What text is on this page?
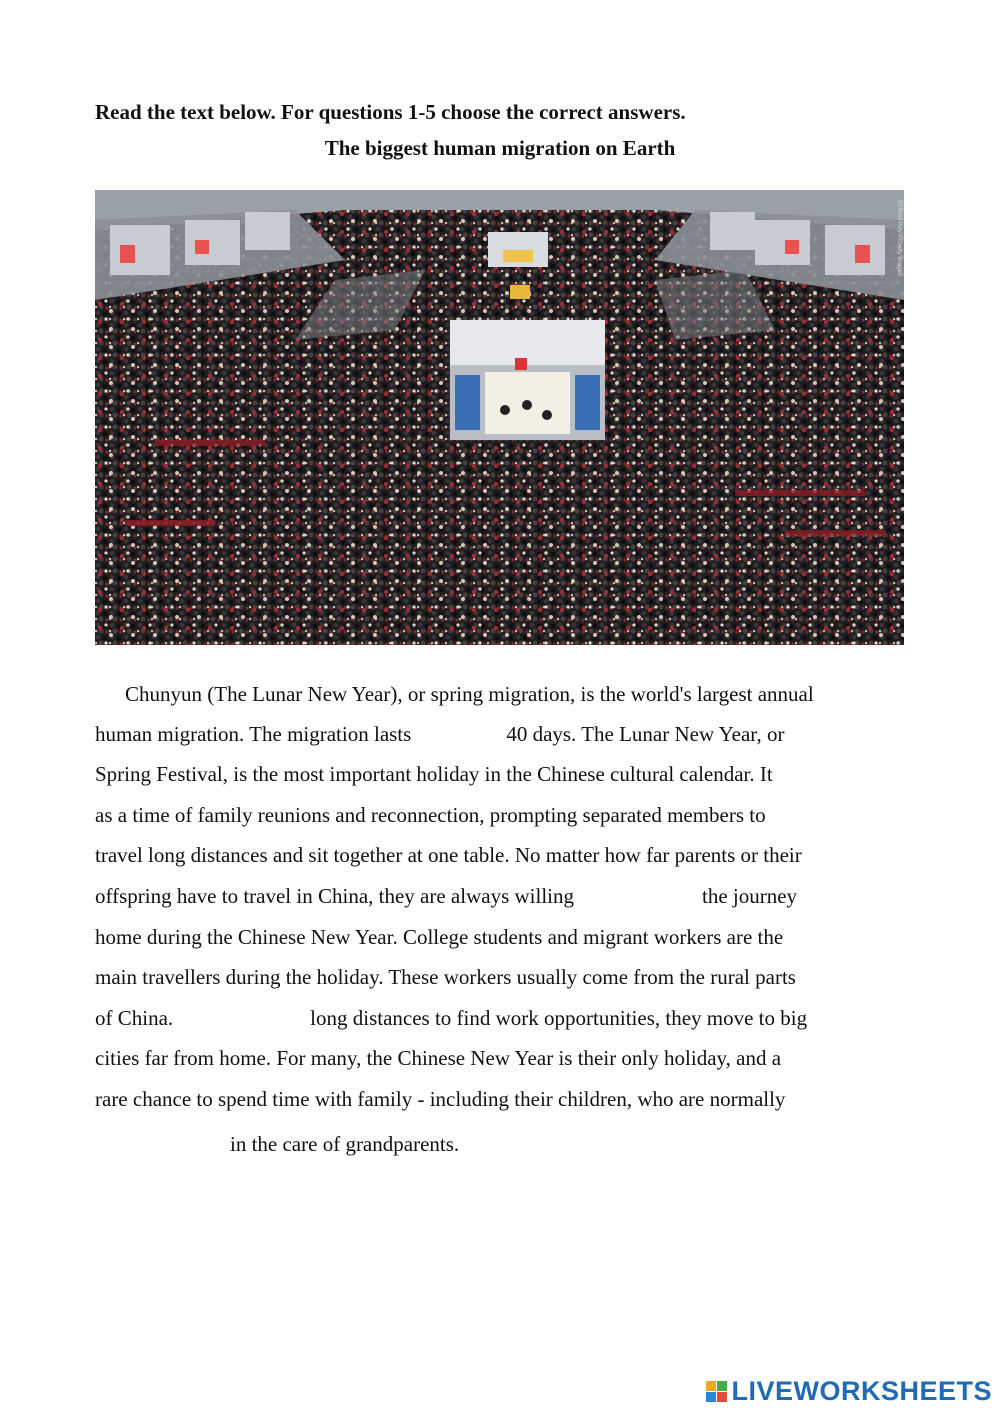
Read the text below. For questions 1-5 choose the correct answers.
The biggest human migration on Earth
STR/AFP/AFP/Getty Images
Chunyun (The Lunar New Year), or spring migration, is the world's largest annual
human migration. The migration lasts	40 days. The Lunar New Year, or
Spring Festival, is the most important holiday in the Chinese cultural calendar. It
as a time of family reunions and reconnection, prompting separated members to
travel long distances and sit together at one table. No matter how far parents or their
offspring have to travel in China, they are always willing	the journey
home during the Chinese New Year. College students and migrant workers are the
main travellers during the holiday. These workers usually come from the rural parts
of China.	long distances to find work opportunities, they move to big
cities far from home. For many, the Chinese New Year is their only holiday, and a
rare chance to spend time with family - including their children, who are normally
in the care of grandparents.
LIVEWORKSHEETS
